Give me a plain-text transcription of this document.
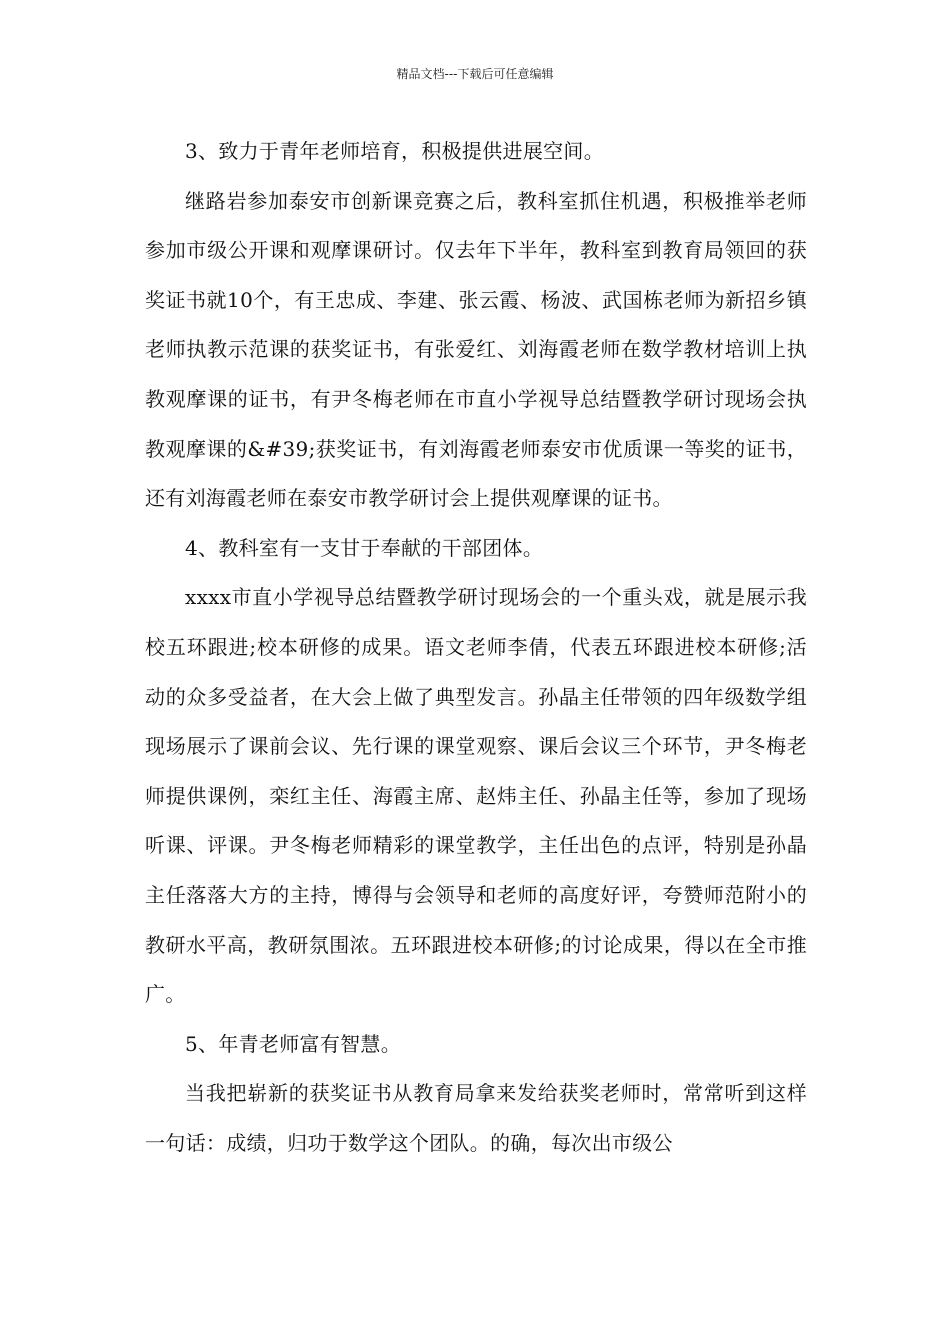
精品文档---下载后可任意编辑

3、致力于青年老师培育，积极提供进展空间。

继路岩参加泰安市创新课竞赛之后，教科室抓住机遇，积极推举老师参加市级公开课和观摩课研讨。仅去年下半年，教科室到教育局领回的获奖证书就10个，有王忠成、李建、张云霞、杨波、武国栋老师为新招乡镇老师执教示范课的获奖证书，有张爱红、刘海霞老师在数学教材培训上执教观摩课的证书，有尹冬梅老师在市直小学视导总结暨教学研讨现场会执教观摩课的&#39;获奖证书，有刘海霞老师泰安市优质课一等奖的证书，还有刘海霞老师在泰安市教学研讨会上提供观摩课的证书。

4、教科室有一支甘于奉献的干部团体。

xxxx市直小学视导总结暨教学研讨现场会的一个重头戏，就是展示我校五环跟进;校本研修的成果。语文老师李倩，代表五环跟进校本研修;活动的众多受益者，在大会上做了典型发言。孙晶主任带领的四年级数学组现场展示了课前会议、先行课的课堂观察、课后会议三个环节，尹冬梅老师提供课例，栾红主任、海霞主席、赵炜主任、孙晶主任等，参加了现场听课、评课。尹冬梅老师精彩的课堂教学，主任出色的点评，特别是孙晶主任落落大方的主持，博得与会领导和老师的高度好评，夸赞师范附小的教研水平高，教研氛围浓。五环跟进校本研修;的讨论成果，得以在全市推广。

5、年青老师富有智慧。

当我把崭新的获奖证书从教育局拿来发给获奖老师时，常常听到这样一句话：成绩，归功于数学这个团队。的确，每次出市级公
